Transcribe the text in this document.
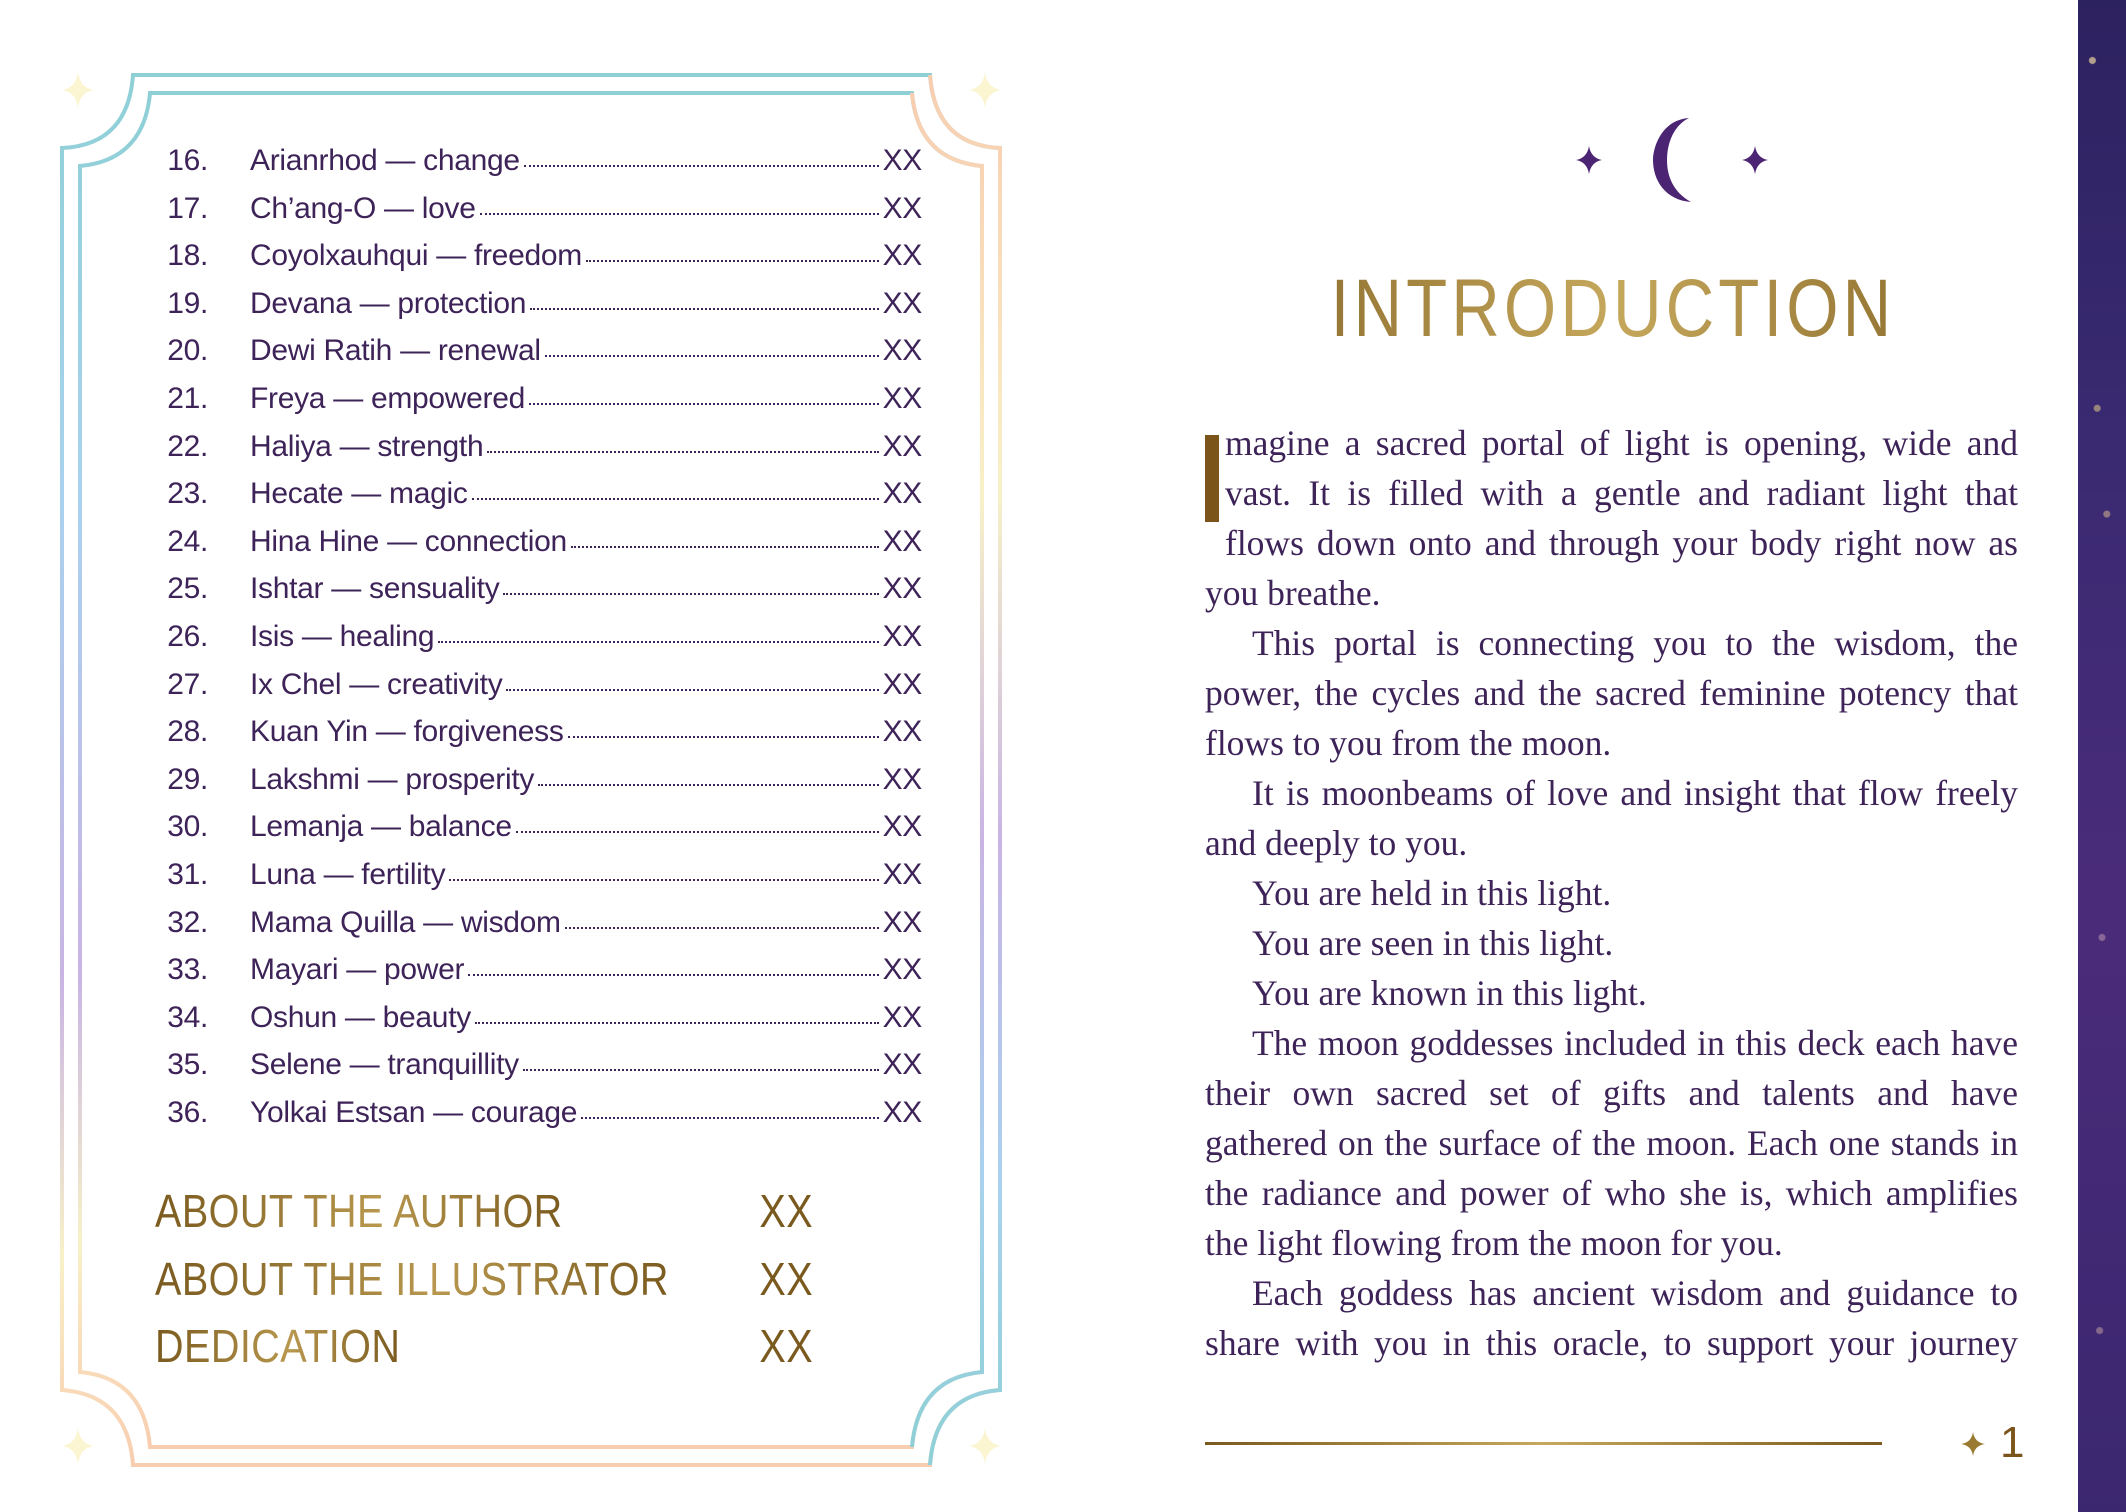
16. Arianrhod — change	XX
17. Ch’ang-O — love	XX
18. Coyolxauhqui — freedom	XX
19. Devana — protection	XX
20. Dewi Ratih — renewal	XX
21. Freya — empowered	XX
22. Haliya — strength	XX
23. Hecate — magic	XX
24. Hina Hine — connection	XX
25. Ishtar — sensuality	XX
26. Isis — healing	XX
27. Ix Chel — creativity	XX
28. Kuan Yin — forgiveness	XX
29. Lakshmi — prosperity	XX
30. Lemanja — balance	XX
31. Luna — fertility	XX
32. Mama Quilla — wisdom	XX
33. Mayari — power	XX
34. Oshun — beauty	XX
35. Selene — tranquillity	XX
36. Yolkai Estsan — courage	XX
ABOUT THE AUTHOR	XX
ABOUT THE ILLUSTRATOR XX
DEDICATION	XX
INTRODUCTION

magine a sacred portal of light is opening, wide and vast. It is filled with a gentle and radiant light that flows down onto and through your body right now as you breathe.

This portal is connecting you to the wisdom, the power, the cycles and the sacred feminine potency that flows to you from the moon.

It is moonbeams of love and insight that flow freely and deeply to you.

You are held in this light.

You are seen in this light.

You are known in this light.

The moon goddesses included in this deck each have their own sacred set of gifts and talents and have gathered on the surface of the moon. Each one stands in the radiance and power of who she is, which amplifies the light flowing from the moon for you.

Each goddess has ancient wisdom and guidance to share with you in this oracle, to support your journey

1
